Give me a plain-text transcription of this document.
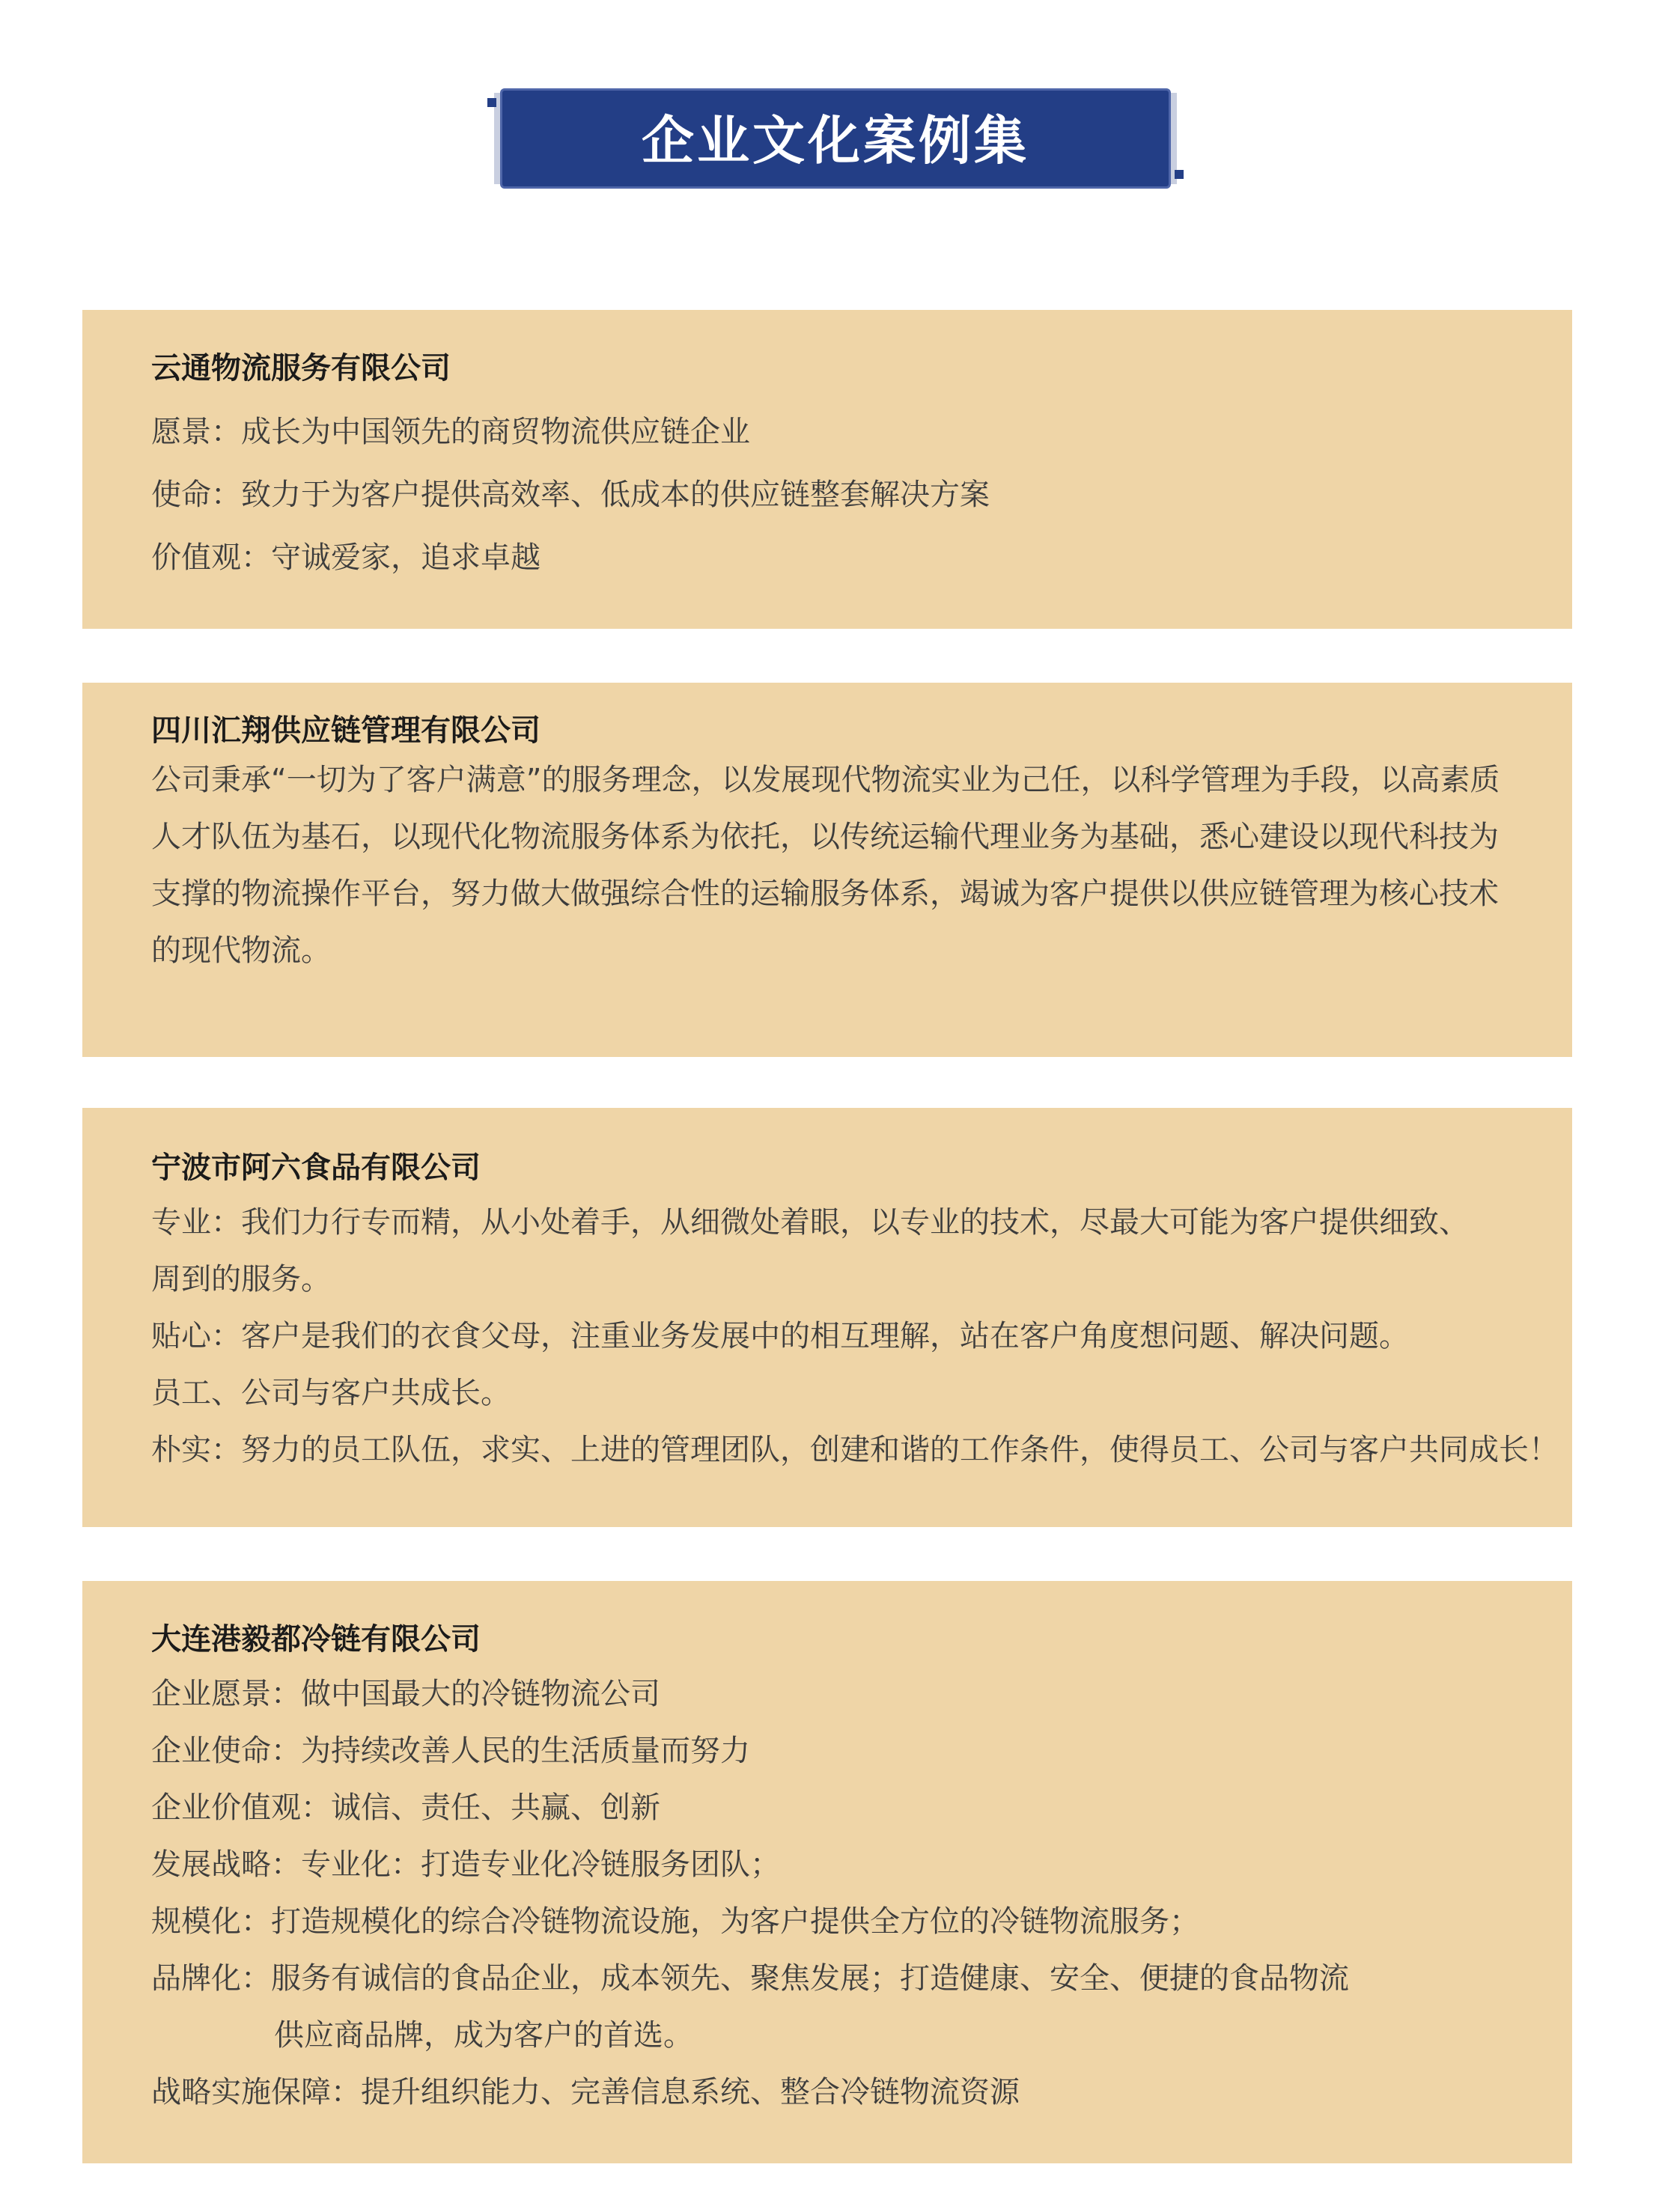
企业文化案例集

云通物流服务有限公司

愿景：成长为中国领先的商贸物流供应链企业

使命：致力于为客户提供高效率、低成本的供应链整套解决方案

价值观：守诚爱家，追求卓越

四川汇翔供应链管理有限公司

公司秉承“一切为了客户满意”的服务理念，以发展现代物流实业为己任，以科学管理为手段，以高素质人才队伍为基石，以现代化物流服务体系为依托，以传统运输代理业务为基础，悉心建设以现代科技为支撑的物流操作平台，努力做大做强综合性的运输服务体系，竭诚为客户提供以供应链管理为核心技术的现代物流。

宁波市阿六食品有限公司

专业：我们力行专而精，从小处着手，从细微处着眼，以专业的技术，尽最大可能为客户提供细致、

周到的服务。

贴心：客户是我们的衣食父母，注重业务发展中的相互理解，站在客户角度想问题、解决问题。

员工、公司与客户共成长。

朴实：努力的员工队伍，求实、上进的管理团队，创建和谐的工作条件，使得员工、公司与客户共同成长！

大连港毅都冷链有限公司

企业愿景：做中国最大的冷链物流公司

企业使命：为持续改善人民的生活质量而努力

企业价值观：诚信、责任、共赢、创新

发展战略：专业化：打造专业化冷链服务团队；

规模化：打造规模化的综合冷链物流设施，为客户提供全方位的冷链物流服务；

品牌化：服务有诚信的食品企业，成本领先、聚焦发展；打造健康、安全、便捷的食品物流

供应商品牌，成为客户的首选。

战略实施保障：提升组织能力、完善信息系统、整合冷链物流资源
